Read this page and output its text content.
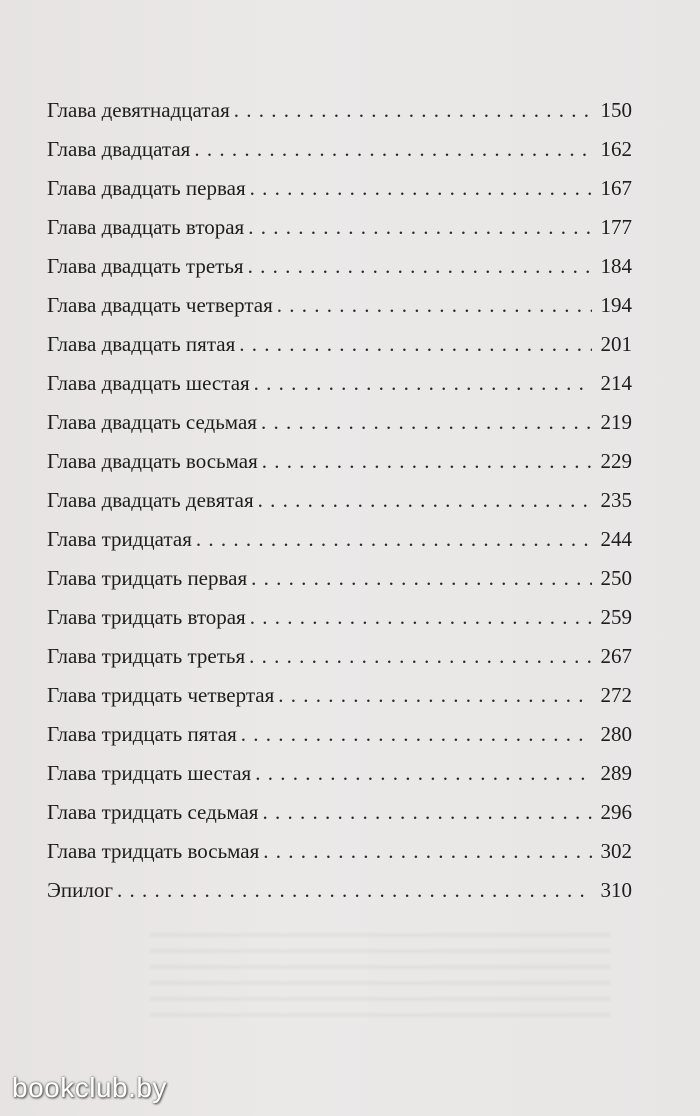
Глава девятнадцатая . . .	150
Глава двадцатая . . .	162
Глава двадцать первая . . .	167
Глава двадцать вторая . . .	177
Глава двадцать третья . . .	184
Глава двадцать четвертая . . .	194
Глава двадцать пятая . . .	201
Глава двадцать шестая . . .	214
Глава двадцать седьмая . . .	219
Глава двадцать восьмая . . .	229
Глава двадцать девятая . . .	235
Глава тридцатая . . .	244
Глава тридцать первая . . .	250
Глава тридцать вторая . . .	259
Глава тридцать третья . . .	267
Глава тридцать четвертая . . .	272
Глава тридцать пятая . . .	280
Глава тридцать шестая . . .	289
Глава тридцать седьмая . . .	296
Глава тридцать восьмая . . .	302
Эпилог . . .	310
bookclub.by
